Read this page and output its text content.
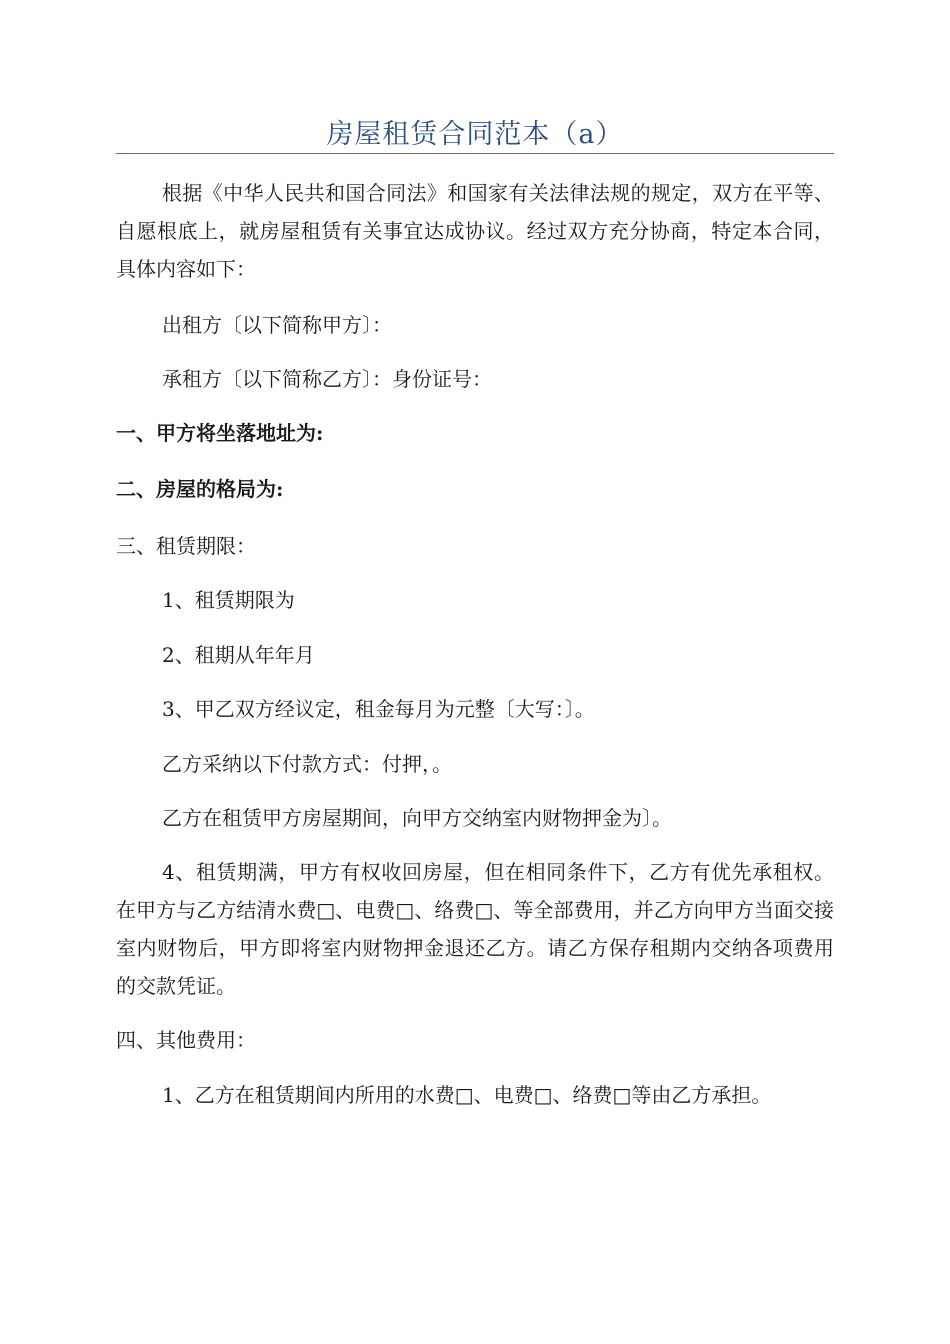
房屋租赁合同范本（a）

根据《中华人民共和国合同法》和国家有关法律法规的规定，双方在平等、自愿根底上，就房屋租赁有关事宜达成协议。经过双方充分协商，特定本合同，具体内容如下：

出租方〔以下简称甲方〕：

承租方〔以下简称乙方〕：身份证号：

一、甲方将坐落地址为:

二、房屋的格局为:

三、租赁期限：

1、租赁期限为

2、租期从年年月

3、甲乙双方经议定，租金每月为元整〔大写：〕。

乙方采纳以下付款方式：付押，。

乙方在租赁甲方房屋期间，向甲方交纳室内财物押金为〕。

4、租赁期满，甲方有权收回房屋，但在相同条件下，乙方有优先承租权。在甲方与乙方结清水费□、电费□、络费□、等全部费用，并乙方向甲方当面交接室内财物后，甲方即将室内财物押金退还乙方。请乙方保存租期内交纳各项费用的交款凭证。

四、其他费用：

1、乙方在租赁期间内所用的水费□、电费□、络费□等由乙方承担。
